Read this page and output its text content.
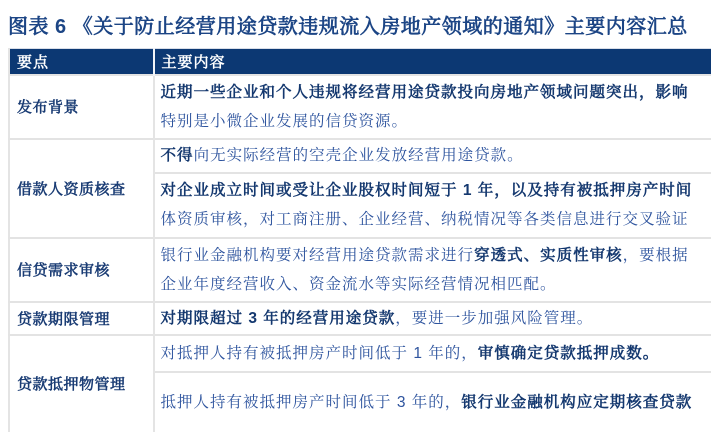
图表 6 《关于防止经营用途贷款违规流入房地产领域的通知》主要内容汇总
要点	主要内容
发布背景	近期一些企业和个人违规将经营用途贷款投向房地产领域问题突出，影响
特别是小微企业发展的信贷资源。

借款人资质核查	不得向无实际经营的空壳企业发放经营用途贷款。

	对企业成立时间或受让企业股权时间短于 1 年，以及持有被抵押房产时间
体资质审核，对工商注册、企业经营、纳税情况等各类信息进行交叉验证

信贷需求审核	银行业金融机构要对经营用途贷款需求进行穿透式、实质性审核，要根据
企业年度经营收入、资金流水等实际经营情况相匹配。

贷款期限管理	对期限超过 3 年的经营用途贷款，要进一步加强风险管理。

贷款抵押物管理	对抵押人持有被抵押房产时间低于 1 年的，审慎确定贷款抵押成数。

	抵押人持有被抵押房产时间低于 3 年的，银行业金融机构应定期核查贷款
